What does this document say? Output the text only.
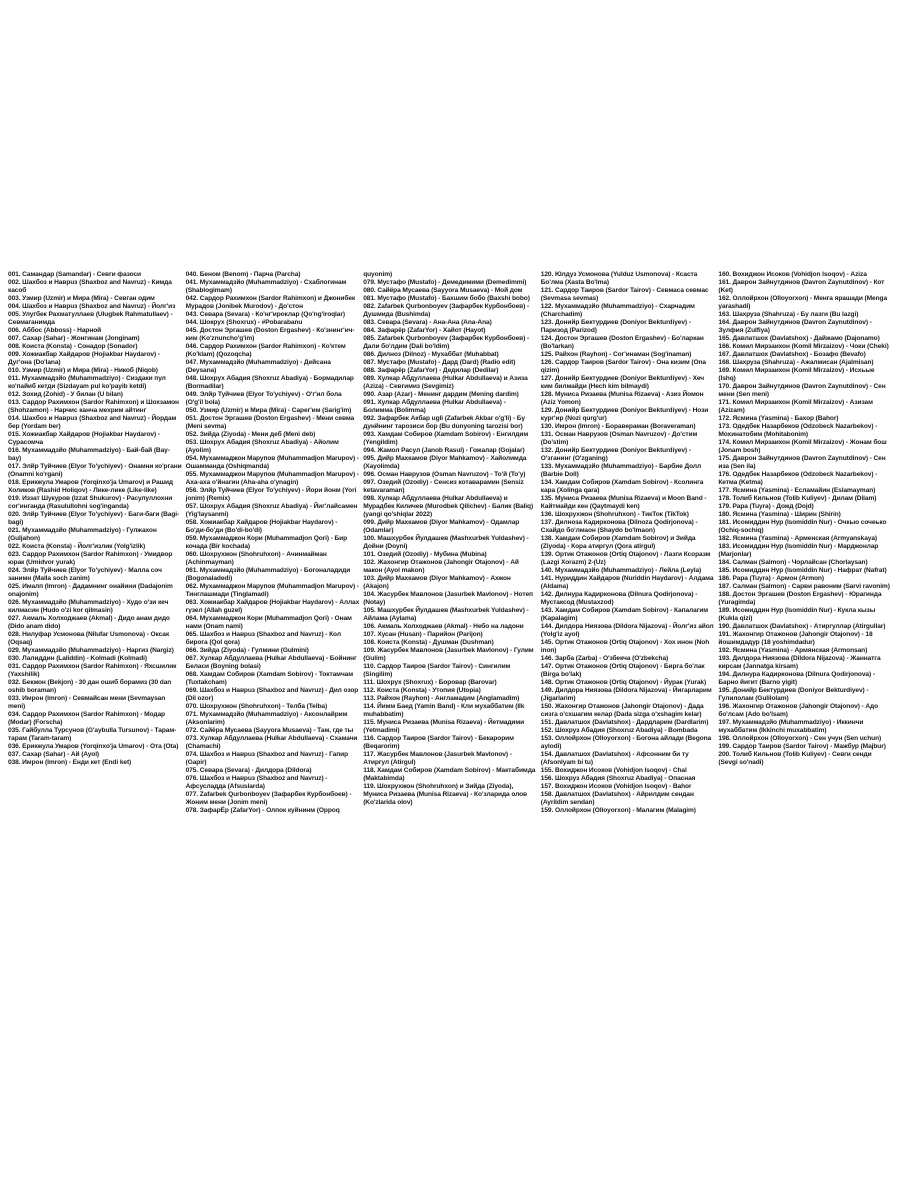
001. Самандар (Samandar) - Севги фазоси

002. Шахбоз и Наврuз (Shaxboz and Navruz) - Кимда касоб

003. Узмир (Uzmir) и Мира (Mira) - Севган одим

004. Шахбоз и Наврuз (Shaxboz and Navruz) - Йолг'из

005. Улугбек Рахматуллаев (Ulugbek Rahmatullaev) - Севмаганимда

006. Аббос (Abboss) - Нарной

007. Сахар (Sahar) - Жонгинам (Jonginam)

008. Коиста (Konsta) - Сонадор (Sonador)

009. Хожиакбар Хайдаров (Hojiakbar Haydarov) - Дуг'онa (Do'lana)

010. Узмир (Uzmir) и Мира (Mira) - Никоб (Niqob)

011. Мухаммадзйо (Muhammadziyo) - Сиздаки пул ко'пайиб кетди (Sizdayam pul ko'payib ketdi)

012. Зохид (Zohid) - У билан (U bilan)

013. Сардор Рахимхон (Sardor Rahimxon) и Шохзамон (Shohzamon) - Нарчис канча мехрим айтинг

014. Шахбоз и Наврuз (Shaxboz and Navruz) - Йордам бер (Yordam ber)

015. Хожиакбар Хайдаров (Hojiakbar Haydarov) - Сурасомча

016. Мухаммадзйо (Muhammadziyo) - Бай-бай (Bay-bay)

017. Элйр Туйчиев (Elyor To'ychiyev) - Онамни ко'ргани (Onamni ko'rgani)

018. Ерикжула Умаров (Yorqinxo'ja Umarov) и Рашид Холиков (Rashid Holiqov) - Лике-лике (Like-like)

019. Иззат Шукуров (Izzat Shukurov) - Расулуллохни сог'инганда (Rasulullohni sog'inganda)

020. Элйр Туйчиев (Elyor To'ychiyev) - Баги-баги (Bagi-bagi)

021. Мухаммадзйо (Muhammadziyo) - Гулжахон (Guljahon)

022. Коиста (Konsta) - Йолг'излик (Yolg'izlik)

023. Сардор Рахимхон (Sardor Rahimxon) - Умидвор юрак (Umidvor yurak)

024. Элйр Туйчиев (Elyor To'ychiyev) - Малла соч занимн (Malla soch zanim)

025. Ималп (Imron) - Дадамнинг онайини (Dadajonim onajonim)

026. Мухаммадзйо (Muhammadziyo) - Худо о'зи кеч килмасин (Hudo o'zi kor qilmasin)

027. Акмаль Холходжаев (Akmal) - Дидо анам дидо (Dido anam dido)

028. Нилуфар Усмонова (Nilufar Usmonova) - Оксак (Oqsaq)

029. Мухаммадзйо (Muhammadziyo) - Наргиз (Nargiz)

030. Лалиддин (Laliddin) - Kolmadi (Kolmadi)

031. Сардор Рахимхон (Sardor Rahimxon) - Яхсшилик (Yaxshilik)

032. Бекжон (Bekjon) - 30 дан ошиб борамиз (30 dan oshib boraman)

033. Имрон (Imron) - Севмайсан мени (Sevmaysan meni)

034. Сардор Рахимхон (Sardor Rahimxon) - Модар (Modar) (Forscha)

035. Гайбулла Турсунов (G'aybulla Tursunov) - Тарам-тарам (Taram-taram)

036. Ерикжула Умаров (Yorqinxo'ja Umarov) - Ота (Ota)

037. Сахар (Sahar) - Ай (Ayol)

038. Имрон (Imron) - Енди кет (Endi ket)

040. Беном (Benom) - Парча (Parcha)

041. Мухаммадзйо (Muhammadziyo) - Схаблогинам (Shablogimam)

042. Сардор Рахимхон (Sardor Rahimxon) и Джонибек Мурадов (Jonibek Murodov) - До'стон

043. Севара (Sevara) - Ко'нг'ироклар (Qo'ng'iroqlar)

044. Шокрух (Shoxrux) - #Pobarabanu

045. Достон Эргашев (Doston Ergashev) - Ко'знинг'ич-ким (Ko'znuncho'g'im)

046. Сардор Рахимхон (Sardor Rahimxon) - Ко'ктем (Ko'klam) (Qozoqcha)

047. Мухаммадзйо (Muhammadziyo) - Дейсана (Deysana)

048. Шохрух Абадия (Shoxruz Abadiya) - Бормадилар (Bormadilar)

049. Элйр Туйчиев (Elyor To'ychiyev) - О'г'ил бола (O'g'il bola)

050. Узмир (Uzmir) и Мира (Mira) - Сарег'им (Sarig'im)

051. Достон Эргашев (Doston Ergashev) - Мени севма (Meni sevma)

052. Зийда (Ziyoda) - Мени деб (Meni deb)

053. Шохрух Абадия (Shoxruz Abadiya) - Айолим (Ayolim)

054. Мухаммаджон Марупов (Muhammadjon Marupov) - Ошамманда (Oshiqmanda)

055. Мухаммаджон Марупов (Muhammadjon Marupov) - Аха-аха о'йнагин (Aha-aha o'ynagin)

056. Элйр Туйчиев (Elyor To'ychiyev) - Йори йонм (Yori jonim) (Remix)

057. Шохрух Абадия (Shoxruz Abadiya) - Йиг'лайсамен (Yig'laysanmi)

058. Хожиакбар Хайдаров (Hojiakbar Haydarov) - Бо'ди-бо'ди (Bo'di-bo'di)

059. Мухаммаджон Кори (Muhammadjon Qori) - Бир кочада (Bir kochada)

060. Шохрухжон (Shohruhxon) - Ачинмайман (Achinmayman)

061. Мухаммадзйо (Muhammadziyo) - Богоналадиди (Bogonaladedi)

062. Мухаммаджон Марупов (Muhammadjon Marupov) - Тинглашмади (Tinglamadi)

063. Хожиакбар Хайдаров (Hojiakbar Haydarov) - Аллах гузел (Allah guzel)

064. Мухаммаджон Кори (Muhammadjon Qori) - Онам нами (Onam nami)

065. Шахбоз и Наврuз (Shaxboz and Navruz) - Кол бирога (Qol qora)

066. Зийда (Ziyoda) - Гулмини (Gulmini)

067. Хулкар Абдуллаева (Hulkar Abdullaeva) - Бойнинг Беласи (Boyning bolasi)

068. Хамдам Собиров (Xamdam Sobirov) - Токтамчам (Tuxtakcham)

069. Шахбоз и Наврuз (Shaxboz and Navruz) - Дил озор (Dil ozor)

070. Шохрухжон (Shohruhxon) - Телба (Telba)

071. Мухаммадзйо (Muhammadziyo) - Аксонлайрим (Aksonlarim)

072. Сайёра Мусаева (Sayyora Musaeva) - Там, где ты

073. Хулкар Абдуллаева (Hulkar Abdullaeva) - Схамачи (Chamachi)

074. Шахбоз и Наврuз (Shaxboz and Navruz) - Гапир (Gapir)

075. Севара (Sevara) - Дилдора (Dildora)

076. Шахбоз и Наврuз (Shaxboz and Navruz) - Афсусладда (Afsuslarda)

077. Zafarbek Qurbonboyev (Зафарбек Курбонбоев) - Жоним мени (Jonim meni)

078. ЗафарЁр (ZafarYor) - Олпок куйнинм (Oppoq

quyonim)

079. Мустафо (Mustafo) - Демедимими (Demedimmi)

080. Сайёра Мусаева (Sayyora Musaeva) - Мой дом

081. Мустафо (Mustafo) - Бахшим бобо (Baxshi bobo)

082. Zafarbek Qurbonboyev (Зафарбек Курбонбоев) - Душмида (Bushimda)

083. Севара (Sevara) - Ана-Ана (Ana-Ana)

084. Зафарёр (ZafarYor) - Хайот (Hayot)

085. Zafarbek Qurbonboyev (Зафарбек Курбонбоев) - Дали бо'лдим (Dali bo'ldim)

086. Дилноз (Dilnoz) - Мухаббат (Muhabbat)

087. Мустафо (Mustafo) - Дард (Dard) (Radio edit)

088. Зафарёр (ZafarYor) - Дедилар (Dedilar)

089. Хулкар Абдуллаева (Hulkar Abdullaeva) и Азиза (Aziza) - Севгимиз (Sevgimiz)

090. Азар (Azar) - Менинг дардим (Mening dardim)

091. Хулкар Абдуллаева (Hulkar Abdullaeva) - Болимма (Bolimma)

092. Зафарбек Акбар ugli (Zafarbek Akbar o'g'li) - Бу дунйнинг тарозиси бор (Bu dunyoning tarozisi bor)

093. Хамдам Собиров (Xamdam Sobirov) - Енгилдим (Yengildim)

094. Жамол Расул (Janob Rasul) - Гожалар (Gojalar)

095. Дийр Махкамов (Diyor Mahkamov) - Хайолимда (Xayolimda)

096. Осман Наврузов (Osman Navruzov) - То'й (To'y)

097. Озедий (Ozodiy) - Сенсиз котаварамин (Sensiz ketavaraman)

098. Хулкар Абдуллаева (Hulkar Abdullaeva) и Мурадбек Киличев (Murodbek Qilichev) - Балик (Baliq) (yangi qo'shiqlar 2022)

099. Дийр Махкамов (Diyor Mahkamov) - Одамлар (Odamlar)

100. Машхурбек Йулдашев (Mashxurbek Yuldashev) - Дойни (Doyni)

101. Озедий (Ozodiy) - Мубина (Mubina)

102. Жахонгир Отажонов (Jahongir Otajonov) - Ай макон (Ayol makon)

103. Дийр Махкамов (Diyor Mahkamov) - Ахжон (Akajon)

104. Жасурбек Мавлонов (Jasurbek Mavlonov) - Нотеп (Notay)

105. Машхурбек Йулдашев (Mashxurbek Yuldashev) - Айлама (Aylama)

106. Акмаль Холходжаев (Akmal) - Небо на ладони

107. Хусан (Husan) - Парийон (Parijon)

108. Коиста (Konsta) - Душман (Dushman)

109. Жасурбек Мавлонов (Jasurbek Mavlonov) - Гулим (Gulim)

110. Сардор Таиров (Sardor Tairov) - Сингилим (Singilim)

111. Шохрух (Shoxrux) - Боровар (Barovar)

112. Коиста (Konsta) - Утопия (Utopia)

113. Райхон (Rayhon) - Англамадим (Anglamadim)

114. Йимм Баед (Yamin Band) - Кли мухаббатим (Ilk muhabbatim)

115. Муниса Ризаева (Munisa Rizaeva) - Йетмадими (Yetmadimi)

116. Сардор Таиров (Sardor Tairov) - Бекарорим (Beqarorim)

117. Жасурбек Мавлонов (Jasurbek Mavlonov) - Атиргул (Atirgul)

118. Хамдам Собиров (Xamdam Sobirov) - Мактабимда (Maktabimda)

119. Шохрухжон (Shohruhxon) и Зийда (Ziyoda), Муниса Ризаева (Munisa Rizaeva) - Ко'зларида олов (Ko'zlarida olov)

120. Юлдуз Усмонова (Yulduz Usmonova) - Ксаста Бо'лма (Xasta Bo'lma)

121. Сардор Таиров (Sardor Tairov) - Севмаса севмас (Sevmasa sevmas)

122. Мухаммадзйо (Muhammadziyo) - Схарчадим (Charchadim)

123. Донийр Бектурдиев (Doniyor Bekturdiyev) - Паризод (Parizod)

124. Достон Эргашев (Doston Ergashev) - Бо'ларкан (Bo'larkan)

125. Райхон (Rayhon) - Сог'инаман (Sog'inaman)

126. Сардор Таиров (Sardor Tairov) - Она кизим (Ona qizim)

127. Донийр Бектурдиев (Doniyor Bekturdiyev) - Хеч ким билмайди (Hech kim bilmaydi)

128. Муниса Ризаева (Munisa Rizaeva) - Азиз Йомон (Aziz Yomon)

129. Донийр Бектурдиев (Doniyor Bekturdiyev) - Нози кург'ир (Nozi qurg'ur)

130. Имрон (Imron) - Бораверaман (Boraveraman)

131. Осман Наврузов (Osman Navruzov) - До'стим (Do'stim)

132. Донийр Бектурдиев (Doniyor Bekturdiyev) - О'зганинг (O'zganing)

133. Мухаммадзйо (Muhammadziyo) - Барбие Долл (Barbie Doll)

134. Хамдам Собиров (Xamdam Sobirov) - Ксолинга кара (Xolinga qara)

135. Муниса Ризаева (Munisa Rizaeva) и Moon Band - Кайтмайди кен (Qaytmaydi ken)

136. Шохрухжон (Shohruhxon) - ТикТок (TikTok)

137. Дилноза Кадиркoнова (Dilnoza Qodirjonova) - Схайдо бо'лмаон (Shaydo bo'lmaon)

138. Хамдам Собиров (Xamdam Sobirov) и Зийда (Ziyoda) - Кора атиргул (Qora atirgul)

139. Ортик Отажонов (Ortiq Otajonov) - Лазги Ксоразм (Lazgi Xorazm) 2-(Uz)

140. Мухаммадзйо (Muhammadziyo) - Лейла (Leyla)

141. Нуриддин Хайдаров (Nuriddin Haydarov) - Алдама (Aldama)

142. Дилнура Кадиркoнова (Dilnura Qodirjonova) - Мустаксод (Mustaxzod)

143. Хамдам Собиров (Xamdam Sobirov) - Капалагим (Kapalagim)

144. Дилдора Ниязова (Dildora Nijazova) - Йолг'из айол (Yolg'iz ayol)

145. Ортик Отажонов (Ortiq Otajonov) - Хох инон (Noh inon)

146. Зарба (Zarba) - О'збекча (O'zbekcha)

147. Ортик Отажонов (Ortiq Otajonov) - Бирга бо'лак (Birga bo'lak)

148. Ортик Отажонов (Ortiq Otajonov) - Йурак (Yurak)

149. Дилдора Ниязова (Dildora Nijazova) - Йигарларим (Jigarlarim)

150. Жахонгир Отажонов (Jahongir Otajonov) - Дада сизга о'схшагим келар (Dada sizga o'xshagim kelar)

151. Давлатшох (Davlatshox) - Дардларим (Dardlarim)

152. Шохруз Абадия (Shoxruz Abadiya) - Bombada

153. Оллойрхон (Olloyorxon) - Богона айлади (Begona aylodi)

154. Давлатшох (Davlatshox) - Афсонним би ту (Afsonlyam bi tu)

155. Вохиджон Исоков (Vohidjon Isoqov) - Chal

156. Шохруз Абадия (Shoxruz Abadiya) - Опасная

157. Вохиджон Исоков (Vohidjon Isoqov) - Bahor

158. Давлатшох (Davlatshox) - Айрилдим сендан (Ayrildim sendan)

159. Оллойрхон (Olloyorxon) - Малагим (Malagim)

160. Вохиджон Исоков (Vohidjon Isoqov) - Aziza

161. Даврон Зайнутдинов (Davron Zaynutdinov) - Кот (Ket)

162. Оллойрхон (Olloyorxon) - Менга ярашади (Menga yarashadi)

163. Шахруза (Shahruza) - Бу лазги (Bu lazgi)

164. Даврон Зайнутдинов (Davron Zaynutdinov) - Зулфия (Zulfiya)

165. Давлатшох (Davlatshox) - Дайжамо (Dajonamo)

166. Комил Мирзаихон (Komil Mirzaizov) - Чоки (Cheki)

167. Давлатшох (Davlatshox) - Бозафо (Bevafo)

168. Шахруза (Shahruza) - Ажалмисан (Ajalmisan)

169. Комил Мирзаихон (Komil Mirzaizov) - Исхьые (Ishq)

170. Даврон Зайнутдинов (Davron Zaynutdinov) - Сен мени (Sen meni)

171. Комил Мирзаихон (Komil Mirzaizov) - Азизам (Azizam)

172. Ясмина (Yasmina) - Бахор (Bahor)

173. Одедбек Назарбеков (Odzobeck Nazarbekov) - Мохинатобим (Mohitabonim)

174. Комил Мирзаихон (Komil Mirzaizov) - Жонам бош (Jonam bosh)

175. Даврон Зайнутдинов (Davron Zaynutdinov) - Сен иза (Sen ila)

176. Одедбек Назарбеков (Odzobeck Nazarbekov) - Кетма (Ketma)

177. Ясмина (Yasmina) - Есламайин (Eslamayman)

178. Толиб Кильнов (Tolib Kuliyev) - Дилам (Dilam)

179. Рара (Tuyra) - Дожд (Dojd)

180. Ясмина (Yasmina) - Ширин (Shirin)

181. Исомиддин Нур (Isomiddin Nur) - Очкыо сочеько (Ochiq-sochiq)

182. Ясмина (Yasmina) - Арменская (Armyanskaya)

183. Исомиддин Нур (Isomiddin Nur) - Марджонлар (Marjonlar)

184. Салман (Salmon) - Чорлайсан (Chorlaysan)

185. Исомиддин Нур (Isomiddin Nur) - Нафрат (Nafrat)

186. Рара (Tuyra) - Армон (Armon)

187. Салман (Salmon) - Сарви равоним (Sarvi ravonim)

188. Достон Эргашев (Doston Ergashev) - Юрагинда (Yuragimda)

189. Исомиддин Нур (Isomiddin Nur) - Кукла кызы (Kukla qizi)

190. Давлатшох (Davlatshox) - Атиргуллар (Atirgullar)

191. Жахонгир Отажонов (Jahongir Otajonov) - 18 йошимдадур (18 yoshimdadur)

192. Ясмина (Yasmina) - Армянская (Armonsan)

193. Дилдора Ниязова (Dildora Nijazova) - Жаннатга кирсам (Jannatga kirsam)

194. Дилнура Кадиркoнова (Dilnura Qodirjonova) - Барно йигит (Barno yigit)

195. Донийр Бектурдиев (Doniyor Bekturdiyev) - Гулилолам (Gulilolam)

196. Жахонгир Отажонов (Jahongir Otajonov) - Адо бо'лсам (Ado bo'lsam)

197. Мухаммадзйо (Muhammadziyo) - Иккинчи мухаббатим (Ikkinchi muxabbatim)

198. Оллойрхон (Olloyorxon) - Сен учун (Sen uchun)

199. Сардор Таиров (Sardor Tairov) - Мажбур (Majbur)

200. Толиб Кильнов (Tolib Kuliyev) - Севги сенди (Sevgi so'nadi)
